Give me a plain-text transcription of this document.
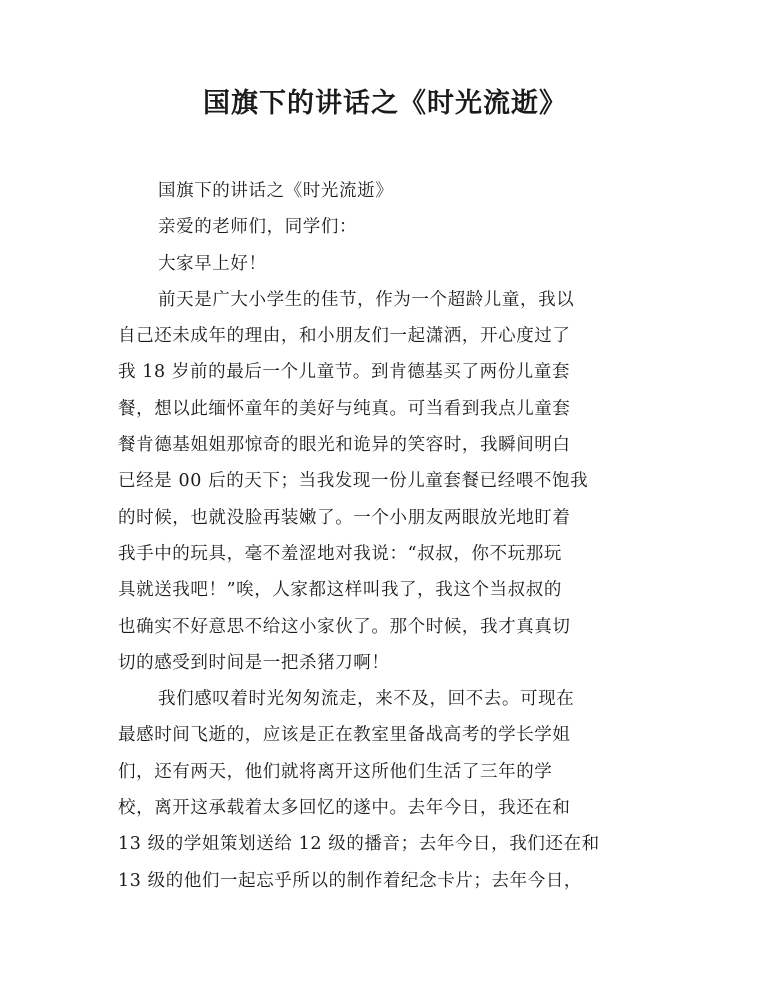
国旗下的讲话之《时光流逝》
国旗下的讲话之《时光流逝》
亲爱的老师们，同学们：
大家早上好！
前天是广大小学生的佳节，作为一个超龄儿童，我以
自己还未成年的理由，和小朋友们一起潇洒，开心度过了
我 18 岁前的最后一个儿童节。到肯德基买了两份儿童套
餐，想以此缅怀童年的美好与纯真。可当看到我点儿童套
餐肯德基姐姐那惊奇的眼光和诡异的笑容时，我瞬间明白
已经是 00 后的天下；当我发现一份儿童套餐已经喂不饱我
的时候，也就没脸再装嫩了。一个小朋友两眼放光地盯着
我手中的玩具，毫不羞涩地对我说：“叔叔，你不玩那玩
具就送我吧！”唉，人家都这样叫我了，我这个当叔叔的
也确实不好意思不给这小家伙了。那个时候，我才真真切
切的感受到时间是一把杀猪刀啊！
我们感叹着时光匆匆流走，来不及，回不去。可现在
最感时间飞逝的，应该是正在教室里备战高考的学长学姐
们，还有两天，他们就将离开这所他们生活了三年的学
校，离开这承载着太多回忆的遂中。去年今日，我还在和
13 级的学姐策划送给 12 级的播音；去年今日，我们还在和
13 级的他们一起忘乎所以的制作着纪念卡片；去年今日，
